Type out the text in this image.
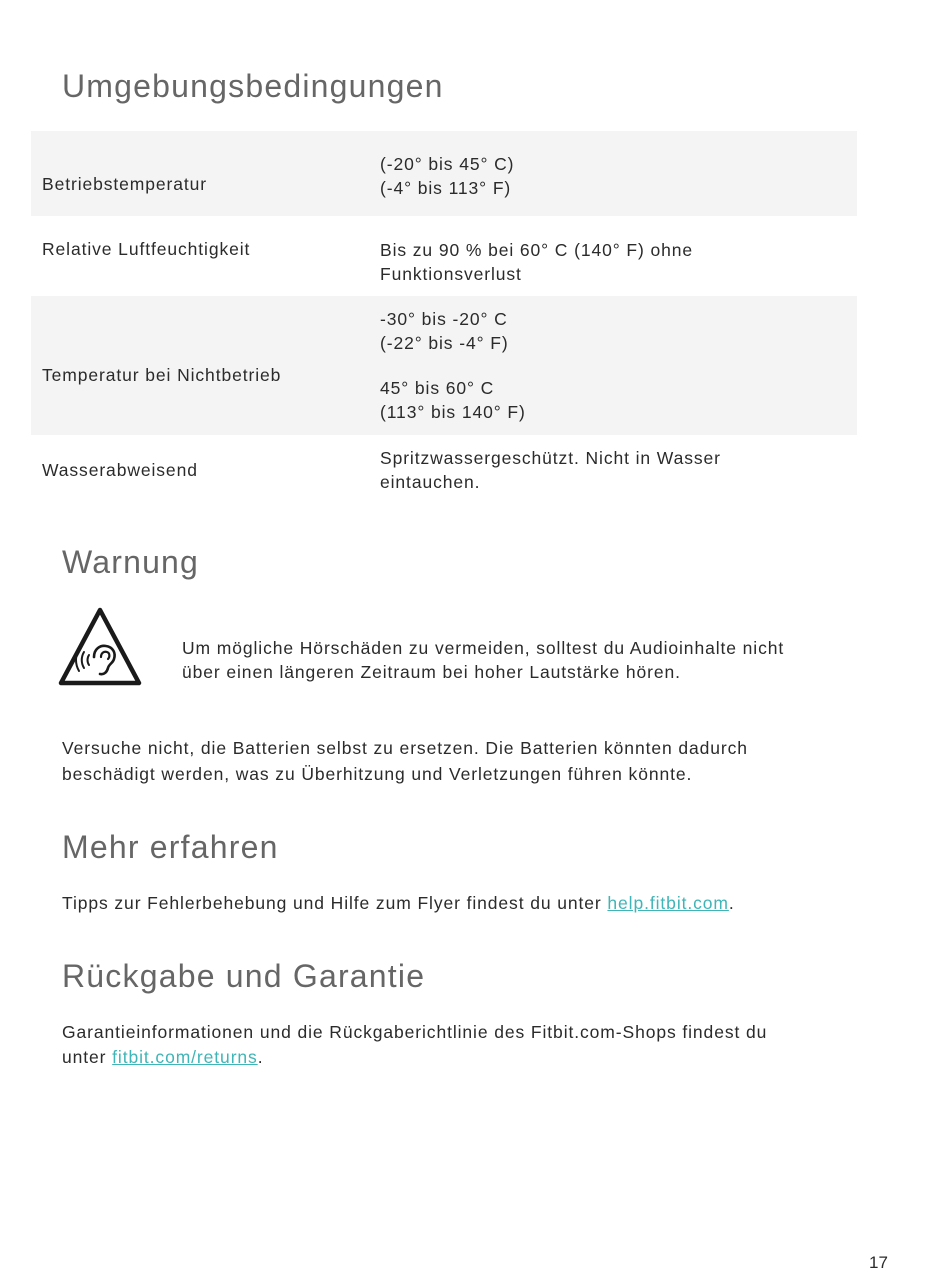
Umgebungsbedingungen
Betriebstemperatur
(-20° bis 45° C)
(-4° bis 113° F)
Relative Luftfeuchtigkeit	Bis zu 90 % bei 60° C (140° F) ohne
Funktionsverlust
Temperatur bei Nichtbetrieb
-30° bis -20° C
(-22° bis -4° F)
45° bis 60° C
(113° bis 140° F)
Wasserabweisend
Spritzwassergeschützt. Nicht in Wasser
eintauchen.
Warnung
Um mögliche Hörschäden zu vermeiden, solltest du Audioinhalte nicht
über einen längeren Zeitraum bei hoher Lautstärke hören.
Versuche nicht, die Batterien selbst zu ersetzen. Die Batterien könnten dadurch
beschädigt werden, was zu Überhitzung und Verletzungen führen könnte.
Mehr erfahren
Tipps zur Fehlerbehebung und Hilfe zum Flyer findest du unter help.fitbit.com.
Rückgabe und Garantie
Garantieinformationen und die Rückgaberichtlinie des Fitbit.com-Shops findest du
unter fitbit.com/returns.
17
